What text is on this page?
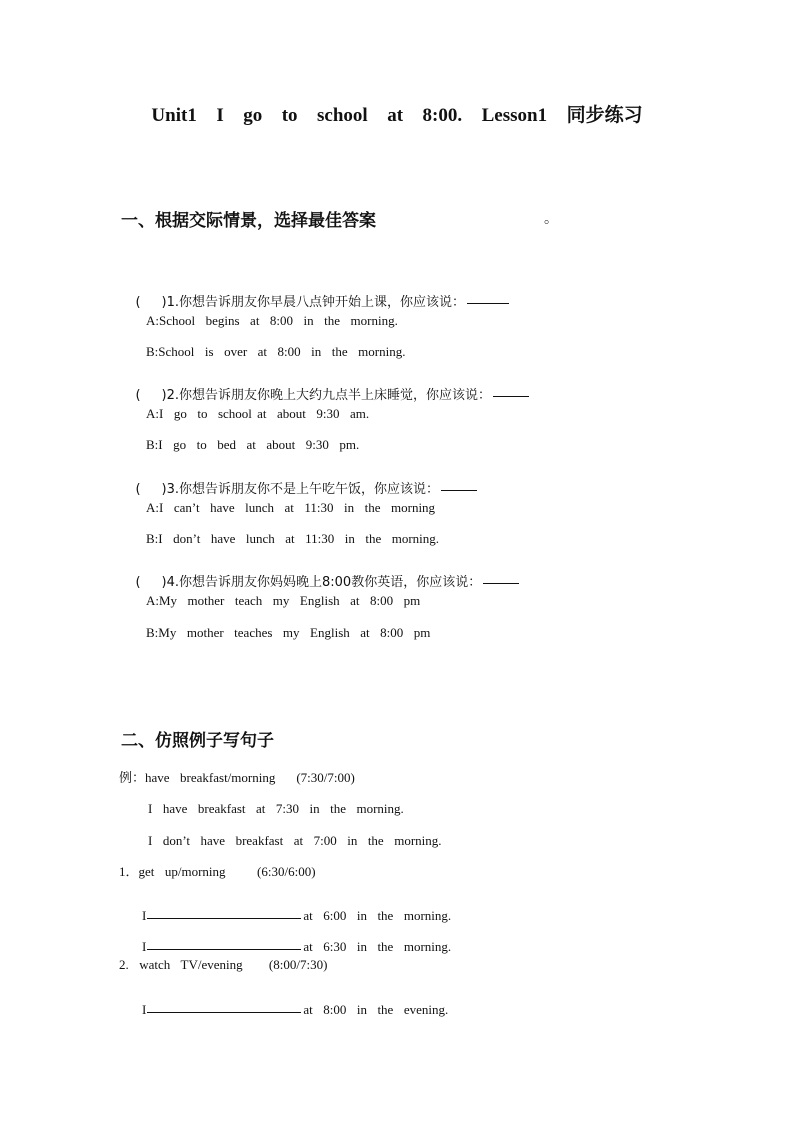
Unit1  I  go  to  school  at  8:00.  Lesson1  同步练习
一、根据交际情景，选择最佳答案	。

( )1.你想告诉朋友你早晨八点钟开始上课，你应该说：

A:School  begins  at  8:00  in  the  morning.
B:School  is  over  at  8:00  in  the  morning.

( )2.你想告诉朋友你晚上大约九点半上床睡觉，你应该说：

A:I  go  to  school at  about  9:30  am.
B:I  go  to  bed  at  about  9:30  pm.

( )3.你想告诉朋友你不是上午吃午饭，你应该说：

A:I  can’t  have  lunch  at  11:30  in  the  morning
B:I  don’t  have  lunch  at  11:30  in  the  morning.

( )4.你想告诉朋友你妈妈晚上8:00教你英语，你应该说：

A:My  mother  teach  my  English  at  8:00  pm
B:My  mother  teaches  my  English  at  8:00  pm
二、仿照例子写句子
例：have  breakfast/morning    (7:30/7:00)
I  have  breakfast  at  7:30  in  the  morning.
I  don’t  have  breakfast  at  7:00  in  the  morning.
1．get  up/morning      (6:30/6:00)

I	at  6:00  in  the  morning.

I	at  6:30  in  the  morning.

2.  watch  TV/evening     (8:00/7:30)

I	at  8:00  in  the  evening.
